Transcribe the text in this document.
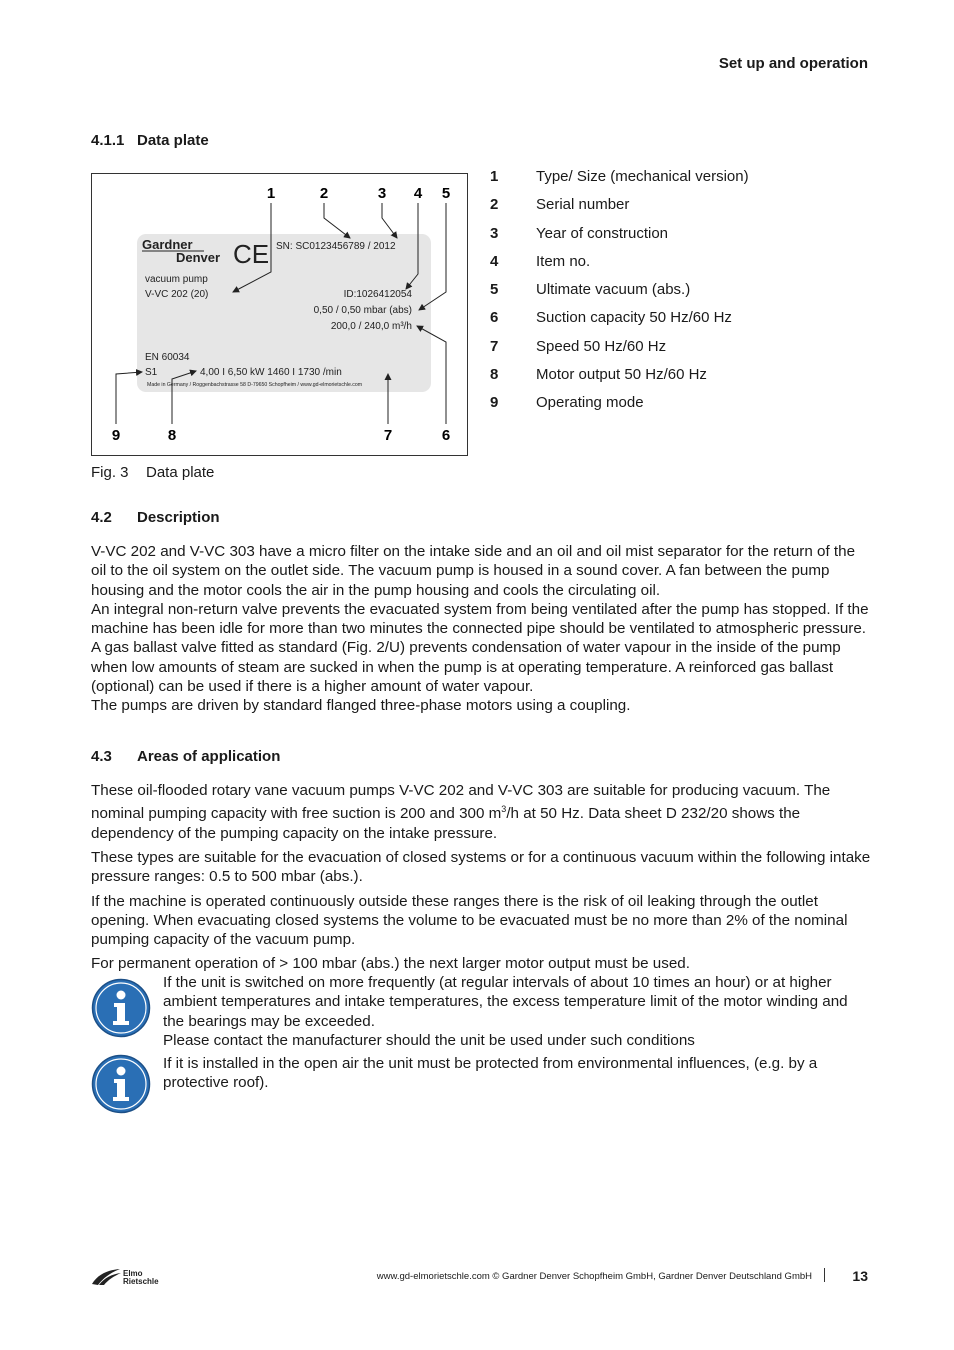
Set up and operation
4.1.1 Data plate
1	2	3 4 5
9	8	7	6
Gardner
Denver CE SN: SC0123456789 / 2012
vacuum pump
V-VC 202 (20)	ID:1026412054
0,50 / 0,50 mbar (abs)
200,0 / 240,0 m³/h
EN 60034
S1	4,00 I 6,50 kW 1460 I 1730 /min
Made in Germany / Roggenbachstrasse 58 D-79650 Schopfheim / www.gd-elmorietschle.com
1	Type/ Size (mechanical version)
2	Serial number
3	Year of construction
4	Item no.
5	Ultimate vacuum (abs.)
6	Suction capacity 50 Hz/60 Hz
7	Speed 50 Hz/60 Hz
8	Motor output 50 Hz/60 Hz
9	Operating mode
Fig. 3 Data plate
4.2 Description

V-VC 202 and V-VC 303 have a micro filter on the intake side and an oil and oil mist separator for the return of the oil to the oil system on the outlet side. The vacuum pump is housed in a sound cover. A fan between the pump housing and the motor cools the air in the pump housing and cools the circulating oil.

An integral non-return valve prevents the evacuated system from being ventilated after the pump has stopped. If the machine has been idle for more than two minutes the connected pipe should be ventilated to atmospheric pressure.

A gas ballast valve fitted as standard (Fig. 2/U) prevents condensation of water vapour in the inside of the pump when low amounts of steam are sucked in when the pump is at operating temperature. A reinforced gas ballast (optional) can be used if there is a higher amount of water vapour.

The pumps are driven by standard flanged three-phase motors using a coupling.

4.3 Areas of application

These oil-flooded rotary vane vacuum pumps V-VC 202 and V-VC 303 are suitable for producing vacuum. The nominal pumping capacity with free suction is 200 and 300 $m^3/h$ at 50 Hz. Data sheet D 232/20 shows the dependency of the pumping capacity on the intake pressure.

These types are suitable for the evacuation of closed systems or for a continuous vacuum within the following intake pressure ranges: 0.5 to 500 mbar (abs.).

If the machine is operated continuously outside these ranges there is the risk of oil leaking through the outlet opening. When evacuating closed systems the volume to be evacuated must be no more than 2% of the nominal pumping capacity of the vacuum pump.

For permanent operation of > 100 mbar (abs.) the next larger motor output must be used.

If the unit is switched on more frequently (at regular intervals of about 10 times an hour) or at higher ambient temperatures and intake temperatures, the excess temperature limit of the motor winding and the bearings may be exceeded.

Please contact the manufacturer should the unit be used under such conditions

If it is installed in the open air the unit must be protected from environmental influences, (e.g. by a protective roof).

Elmo
Rietschle	www.gd-elmorietschle.com © Gardner Denver Schopfheim GmbH, Gardner Denver Deutschland GmbH	13
